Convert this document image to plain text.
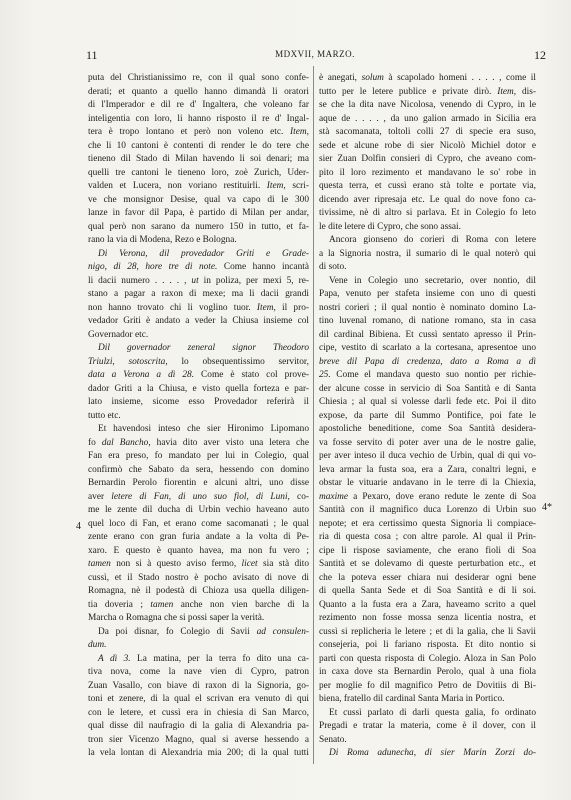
11	MDXVII, MARZO.	12
puta del Christianissimo re, con il qual sono confe-
derati; et quanto a quello hanno dimandà li oratori
di l'Imperador e dil re d' Ingaltera, che voleano far
inteligentia con loro, li hanno risposto il re d' Ingal-
tera è tropo lontano et però non voleno etc. Item,
che li 10 cantoni è contenti di render le do tere che
tieneno dil Stado di Milan havendo li soi denari; ma
quelli tre cantoni le tieneno loro, zoè Zurich, Uder-
valden et Lucera, non voriano restituirli. Item, scri-
ve che monsignor Desise, qual va capo di le 300
lanze in favor dil Papa, è partido di Milan per andar,
qual però non sarano da numero 150 in tutto, et fa-
rano la via di Modena, Rezo e Bologna.
Di Verona, dil provedador Griti e Grade-
nigo, di 28, hore tre di note. Come hanno incantà
li dacii numero . . . . , ut in poliza, per mexi 5, re-
stano a pagar a raxon di mexe; ma li dacii grandi
non hanno trovato chi li voglino tuor. Item, il pro-
vedador Griti è andato a veder la Chiusa insieme col
Governador etc.
Dil governador zeneral signor Theodoro
Triulzi, sotoscrita, lo obsequentissimo servitor,
data a Verona a dì 28. Come è stato col prove-
dador Griti a la Chiusa, e visto quella forteza e par-
lato insieme, sicome esso Provedador referirà il
tutto etc.
Et havendosi inteso che sier Hironimo Lipomano
fo dal Bancho, havia dito aver visto una letera che
Fan era preso, fo mandato per lui in Colegio, qual
confirmò che Sabato da sera, hessendo con domino
Bernardin Perolo fiorentin e alcuni altri, uno disse
aver letere di Fan, di uno suo fiol, di Luni, co-
me le zente dil ducha di Urbin vechio haveano auto
quel loco di Fan, et erano come sacomanati ; le qual
zente erano con gran furia andate a la volta di Pe-
xaro. E questo è quanto havea, ma non fu vero ;
tamen non si à questo aviso fermo, licet sia stà dito
cussì, et il Stado nostro è pocho avisato di nove di
Romagna, nè il podestà di Chioza usa quella diligen-
tia doveria ; tamen anche non vien barche di la
Marcha o Romagna che si possi saper la verità.
Da poi disnar, fo Colegio di Savii ad consulen-
dum.
A dì 3. La matina, per la terra fo dito una ca-
tiva nova, come la nave vien di Cypro, patron
Zuan Vasallo, con biave di raxon di la Signoria, go-
toni et zenere, di la qual el scrivan era venuto di qui
con le letere, et cussì era in chiesia di San Marco,
qual disse dil naufragio di la galia di Alexandria pa-
tron sier Vicenzo Magno, qual si averse hessendo a
la vela lontan di Alexandria mia 200; di la qual tutti
è anegati, solum à scapolado homeni . . . . , come il
tutto per le letere publice e private dirò. Item, dis-
se che la dita nave Nicolosa, venendo di Cypro, in le
aque de . . . . , da uno galion armado in Sicilia era
stà sacomanata, toltoli colli 27 di specie era suso,
sede et alcune robe di sier Nicolò Michiel dotor e
sier Zuan Dolfin consieri di Cypro, che aveano com-
pito il loro rezimento et mandavano le so' robe in
questa terra, et cussì erano stà tolte e portate via,
dicendo aver ripresaja etc. Le qual do nove fono ca-
tivissime, nè di altro si parlava. Et in Colegio fo leto
le dite letere di Cypro, che sono assai.
Ancora gionseno do corieri di Roma con letere
a la Signoria nostra, il sumario di le qual noterò qui
di soto.
Vene in Colegio uno secretario, over nontio, dil
Papa, venuto per stafeta insieme con uno di questi
nostri corieri ; il qual nontio è nominato domino La-
tino luvenal romano, di natione romano, sta in casa
dil cardinal Bibiena. Et cussì sentato apresso il Prin-
cipe, vestito di scarlato a la cortesana, apresentoe uno
breve dil Papa di credenza, dato a Roma a dì
25. Come el mandava questo suo nontio per richie-
der alcune cosse in servicio di Soa Santità e di Santa
Chiesia ; al qual si volesse darli fede etc. Poi il dito
expose, da parte dil Summo Pontifice, poi fate le
apostoliche beneditione, come Soa Santità desidera-
va fosse servito di poter aver una de le nostre galie,
per aver inteso il duca vechio de Urbin, qual di qui vo-
leva armar la fusta soa, era a Zara, conaltri legni, e
obstar le vituarie andavano in le terre di la Chiexia,
maxime a Pexaro, dove erano redute le zente di Soa
Santità con il magnifico duca Lorenzo di Urbin suo
nepote; et era certissimo questa Signoria li compiace-
ria di questa cosa ; con altre parole. Al qual il Prin-
cipe li rispose saviamente, che erano fioli di Soa
Santità et se dolevamo di queste perturbation etc., et
che la poteva esser chiara nui desiderar ogni bene
di quella Santa Sede et di Soa Santità e di li soi.
Quanto a la fusta era a Zara, haveamo scrito a quel
rezimento non fosse mossa senza licentia nostra, et
cussì si replicheria le letere ; et di la galia, che li Savii
consejeria, poi li fariano risposta. Et dito nontio si
partì con questa risposta di Colegio. Aloza in San Polo
in caxa dove sta Bernardin Perolo, qual à una fiola
per moglie fo dil magnifico Petro de Dovitiis di Bi-
biena, fratello dil cardinal Santa Maria in Portico.
Et cussì parlato di darli questa galia, fo ordinato
Pregadi e tratar la materia, come è il dover, con il
Senato.
Di Roma adunecha, di sier Marin Zorzi do-
4
4*
